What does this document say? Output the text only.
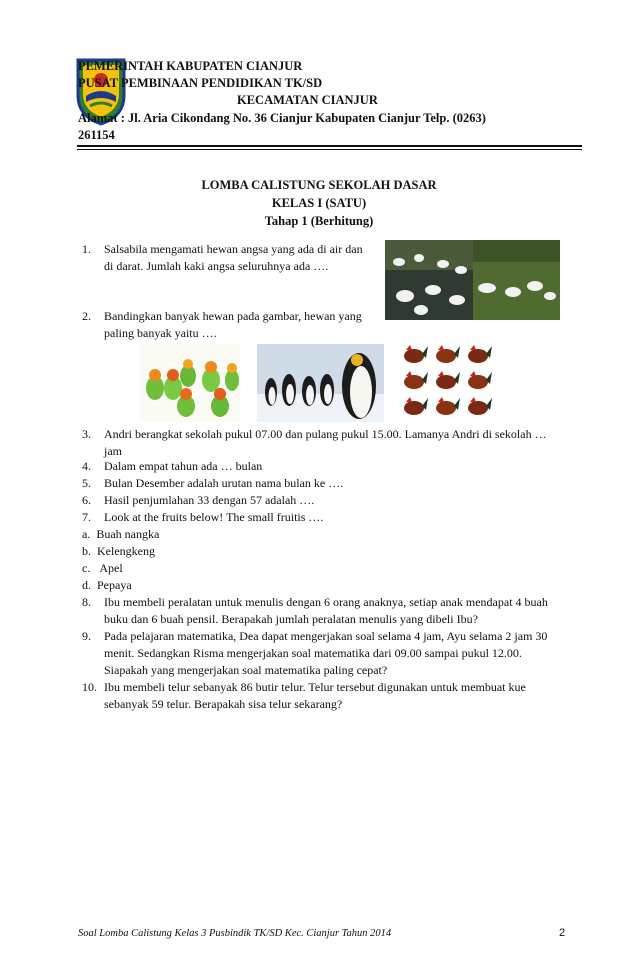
PEMERINTAH KABUPATEN CIANJUR
PUSAT PEMBINAAN PENDIDIKAN TK/SD
KECAMATAN CIANJUR
Alamat : Jl. Aria Cikondang No. 36 Cianjur Kabupaten Cianjur Telp. (0263)
261154
LOMBA CALISTUNG SEKOLAH DASAR
KELAS I (SATU)
Tahap 1 (Berhitung)
1.	Salsabila mengamati hewan angsa yang ada di air dan
di darat. Jumlah kaki angsa seluruhnya ada ….
2.	Bandingkan banyak hewan pada gambar, hewan yang
paling banyak yaitu ….
3.	Andri berangkat sekolah pukul 07.00 dan pulang pukul 15.00. Lamanya Andri di sekolah …
jam
4.	Dalam empat tahun ada … bulan
5.	Bulan Desember adalah urutan nama bulan ke ….
6.	Hasil penjumlahan 33 dengan 57 adalah ….
7.	Look at the fruits below! The small fruitis ….
a. Buah nangka
b. Kelengkeng
c. Apel
d. Pepaya
8.	Ibu membeli peralatan untuk menulis dengan 6 orang anaknya, setiap anak mendapat 4 buah
buku dan 6 buah pensil. Berapakah jumlah peralatan menulis yang dibeli Ibu?
9.	Pada pelajaran matematika, Dea dapat mengerjakan soal selama 4 jam, Ayu selama 2 jam 30
menit. Sedangkan Risma mengerjakan soal matematika dari 09.00 sampai pukul 12.00.
Siapakah yang mengerjakan soal matematika paling cepat?
10. Ibu membeli telur sebanyak 86 butir telur. Telur tersebut digunakan untuk membuat kue
sebanyak 59 telur. Berapakah sisa telur sekarang?
Soal Lomba Calistung Kelas 3 Pusbindik TK/SD Kec. Cianjur Tahun 2014	2
